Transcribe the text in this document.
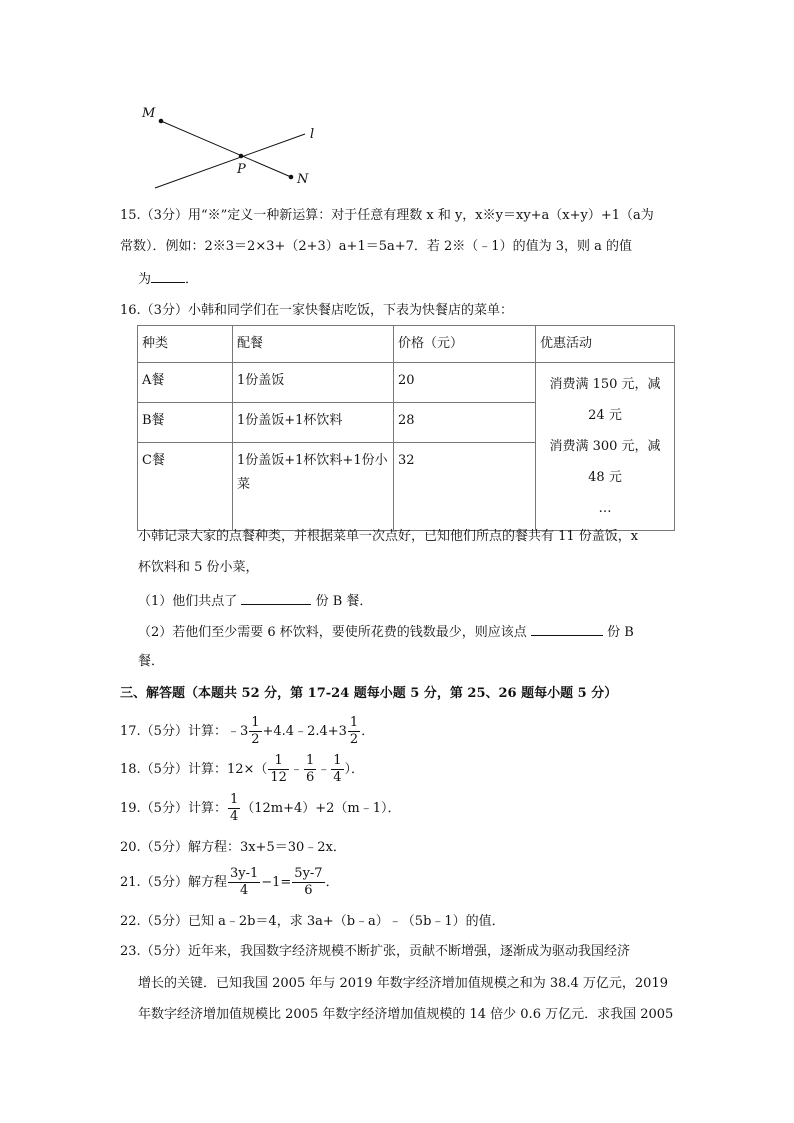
M
l
P
N
15.（3分）用“※”定义一种新运算：对于任意有理数 x 和 y，x※y＝xy+a（x+y）+1（a为
常数）．例如：2※3＝2×3+（2+3）a+1＝5a+7．若 2※（﹣1）的值为 3，则 a 的值
为	．
16.（3分）小韩和同学们在一家快餐店吃饭，下表为快餐店的菜单：
种类	配餐	价格（元）	优惠活动
A餐	1份盖饭	20	消费满 150 元，减 24 元
消费满 300 元，减 48 元
…

B餐	1份盖饭+1杯饮料	28	
C餐	1份盖饭+1杯饮料+1份小菜	32	
小韩记录大家的点餐种类，并根据菜单一次点好，已知他们所点的餐共有 11 份盖饭，x
杯饮料和 5 份小菜，
（1）他们共点了	份 B 餐．
（2）若他们至少需要 6 杯饮料，要使所花费的钱数最少，则应该点	份 B
餐．
三、解答题（本题共 52 分，第 17-24 题每小题 5 分，第 25、26 题每小题 5 分）
17.（5分）计算：﹣3 $\frac{1}{2}$ +4.4﹣2.4+3 $\frac{1}{2}$ ．
18.（5分）计算：$12\times( \frac{1}{12}$ ﹣ $\frac{1}{6}$ ﹣ $\frac{1}{4}$ ）．
19.（5分）计算： $\frac{1}{4}$ （12m+4）+2（m﹣1）．
20.（5分）解方程：3x+5＝30﹣2x．
21.（5分）解方程 $\frac{3y-1}{4} -1= \frac{5y-7}{6}$ ．
22.（5分）已知 a﹣2b＝4，求 3a+（b﹣a）﹣（5b﹣1）的值．
23.（5分）近年来，我国数字经济规模不断扩张，贡献不断增强，逐渐成为驱动我国经济
增长的关键．已知我国 2005 年与 2019 年数字经济增加值规模之和为 38.4 万亿元，2019
年数字经济增加值规模比 2005 年数字经济增加值规模的 14 倍少 0.6 万亿元．求我国 2005
